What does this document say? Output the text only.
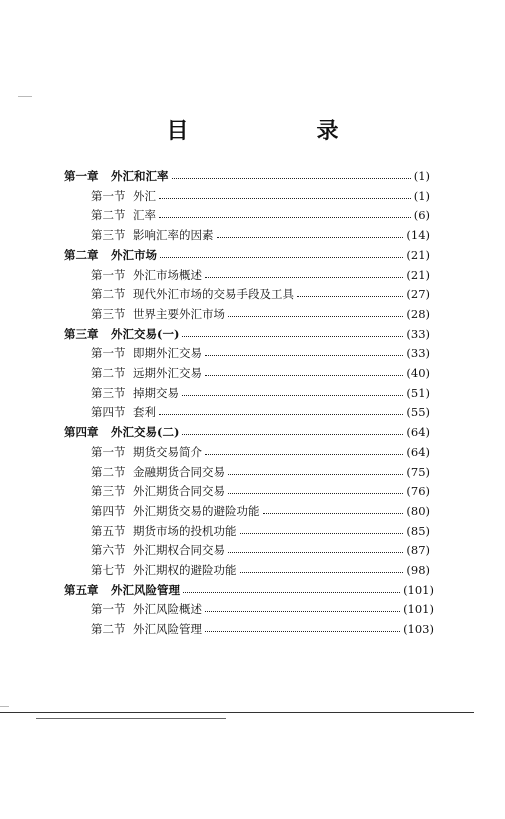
目　　录
第一章	外汇和汇率	(1)
第一节 外汇	(1)
第二节 汇率	(6)
第三节 影响汇率的因素	(14)
第二章	外汇市场	(21)
第一节 外汇市场概述	(21)
第二节 现代外汇市场的交易手段及工具	(27)
第三节 世界主要外汇市场	(28)
第三章	外汇交易(一)	(33)
第一节 即期外汇交易	(33)
第二节 远期外汇交易	(40)
第三节 掉期交易	(51)
第四节 套利	(55)
第四章	外汇交易(二)	(64)
第一节 期货交易简介	(64)
第二节 金融期货合同交易	(75)
第三节 外汇期货合同交易	(76)
第四节 外汇期货交易的避险功能	(80)
第五节 期货市场的投机功能	(85)
第六节 外汇期权合同交易	(87)
第七节 外汇期权的避险功能	(98)
第五章	外汇风险管理	(101)
第一节 外汇风险概述	(101)
第二节 外汇风险管理	(103)
